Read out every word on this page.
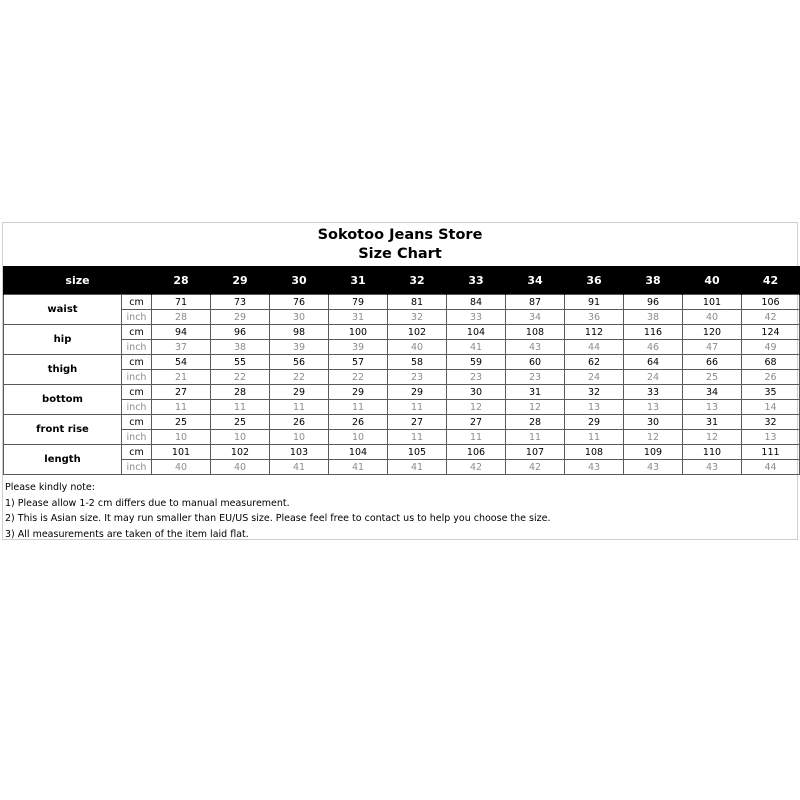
Sokotoo Jeans Store
Size Chart
size		28	29	30	31	32	33	34	36	38	40	42
waist	cm	71	73	76	79	81	84	87	91	96	101	106
	inch	28	29	30	31	32	33	34	36	38	40	42
hip	cm	94	96	98	100	102	104	108	112	116	120	124
	inch	37	38	39	39	40	41	43	44	46	47	49
thigh	cm	54	55	56	57	58	59	60	62	64	66	68
	inch	21	22	22	22	23	23	23	24	24	25	26
bottom	cm	27	28	29	29	29	30	31	32	33	34	35
	inch	11	11	11	11	11	12	12	13	13	13	14
front rise	cm	25	25	26	26	27	27	28	29	30	31	32
	inch	10	10	10	10	11	11	11	11	12	12	13
length	cm	101	102	103	104	105	106	107	108	109	110	111
	inch	40	40	41	41	41	42	42	43	43	43	44
Please kindly note:
1) Please allow 1-2 cm differs due to manual measurement.
2) This is Asian size. It may run smaller than EU/US size. Please feel free to contact us to help you choose the size.
3) All measurements are taken of the item laid flat.
